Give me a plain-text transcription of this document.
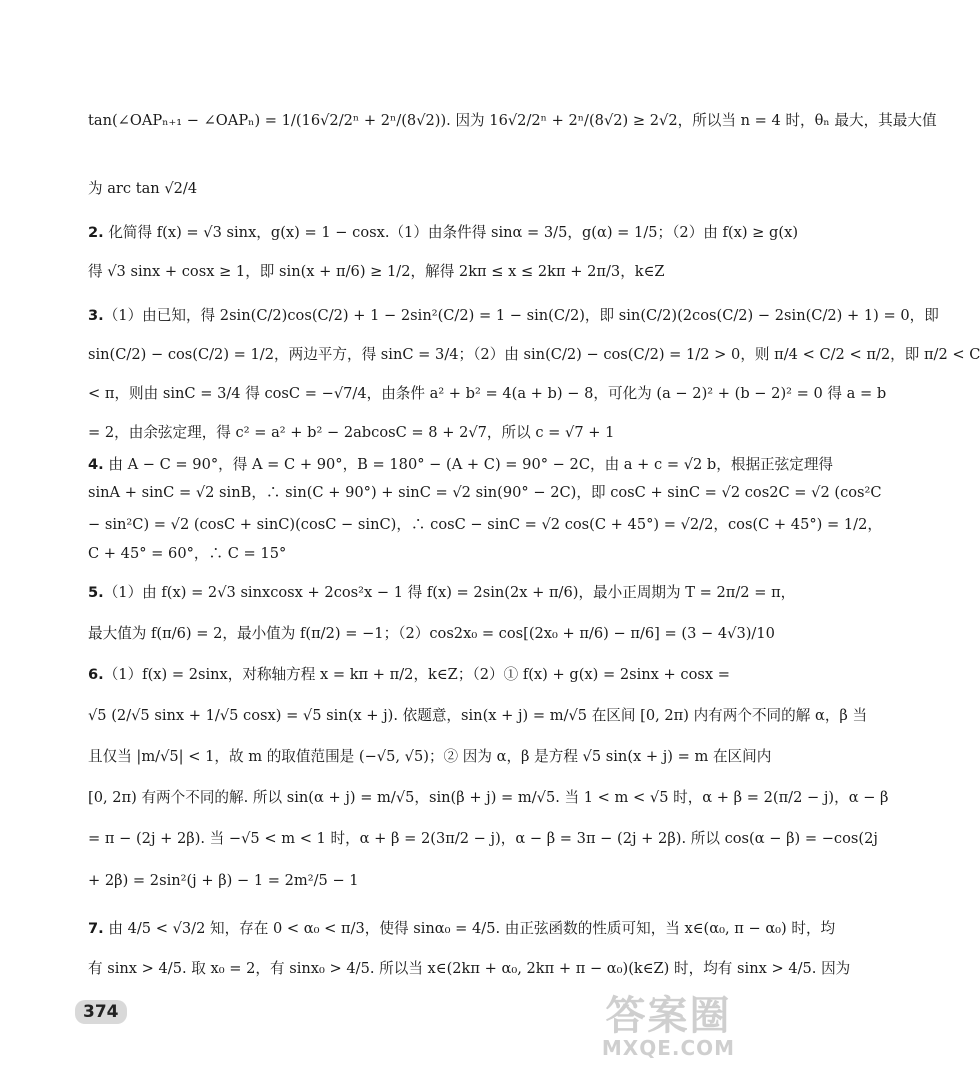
tan(∠OAPₙ₊₁ − ∠OAPₙ) = 1/(16√2/2ⁿ + 2ⁿ/(8√2)). 因为 16√2/2ⁿ + 2ⁿ/(8√2) ≥ 2√2，所以当 n = 4 时，θₙ 最大，其最大值
为 arc tan √2/4
2. 化简得 f(x) = √3 sinx，g(x) = 1 − cosx.（1）由条件得 sinα = 3/5，g(α) = 1/5；（2）由 f(x) ≥ g(x)
得 √3 sinx + cosx ≥ 1，即 sin(x + π/6) ≥ 1/2，解得 2kπ ≤ x ≤ 2kπ + 2π/3，k∈Z
3.（1）由已知，得 2sin(C/2)cos(C/2) + 1 − 2sin²(C/2) = 1 − sin(C/2)，即 sin(C/2)(2cos(C/2) − 2sin(C/2) + 1) = 0，即
sin(C/2) − cos(C/2) = 1/2，两边平方，得 sinC = 3/4；（2）由 sin(C/2) − cos(C/2) = 1/2 > 0，则 π/4 < C/2 < π/2，即 π/2 < C
< π，则由 sinC = 3/4 得 cosC = −√7/4，由条件 a² + b² = 4(a + b) − 8，可化为 (a − 2)² + (b − 2)² = 0 得 a = b
= 2，由余弦定理，得 c² = a² + b² − 2abcosC = 8 + 2√7，所以 c = √7 + 1
4. 由 A − C = 90°，得 A = C + 90°，B = 180° − (A + C) = 90° − 2C，由 a + c = √2 b，根据正弦定理得
sinA + sinC = √2 sinB，∴ sin(C + 90°) + sinC = √2 sin(90° − 2C)，即 cosC + sinC = √2 cos2C = √2 (cos²C
− sin²C) = √2 (cosC + sinC)(cosC − sinC)，∴ cosC − sinC = √2 cos(C + 45°) = √2/2，cos(C + 45°) = 1/2，
C + 45° = 60°，∴ C = 15°
5.（1）由 f(x) = 2√3 sinxcosx + 2cos²x − 1 得 f(x) = 2sin(2x + π/6)，最小正周期为 T = 2π/2 = π，
最大值为 f(π/6) = 2，最小值为 f(π/2) = −1；（2）cos2x₀ = cos[(2x₀ + π/6) − π/6] = (3 − 4√3)/10
6.（1）f(x) = 2sinx，对称轴方程 x = kπ + π/2，k∈Z；（2）① f(x) + g(x) = 2sinx + cosx =
√5 (2/√5 sinx + 1/√5 cosx) = √5 sin(x + j). 依题意，sin(x + j) = m/√5 在区间 [0, 2π) 内有两个不同的解 α，β 当
且仅当 |m/√5| < 1，故 m 的取值范围是 (−√5, √5)；② 因为 α，β 是方程 √5 sin(x + j) = m 在区间内
[0, 2π) 有两个不同的解. 所以 sin(α + j) = m/√5，sin(β + j) = m/√5. 当 1 < m < √5 时，α + β = 2(π/2 − j)，α − β
= π − (2j + 2β). 当 −√5 < m < 1 时，α + β = 2(3π/2 − j)，α − β = 3π − (2j + 2β). 所以 cos(α − β) = −cos(2j
+ 2β) = 2sin²(j + β) − 1 = 2m²/5 − 1
7. 由 4/5 < √3/2 知，存在 0 < α₀ < π/3，使得 sinα₀ = 4/5. 由正弦函数的性质可知，当 x∈(α₀, π − α₀) 时，均
有 sinx > 4/5. 取 x₀ = 2，有 sinx₀ > 4/5. 所以当 x∈(2kπ + α₀, 2kπ + π − α₀)(k∈Z) 时，均有 sinx > 4/5. 因为
374	答案圈
MXQE.COM
